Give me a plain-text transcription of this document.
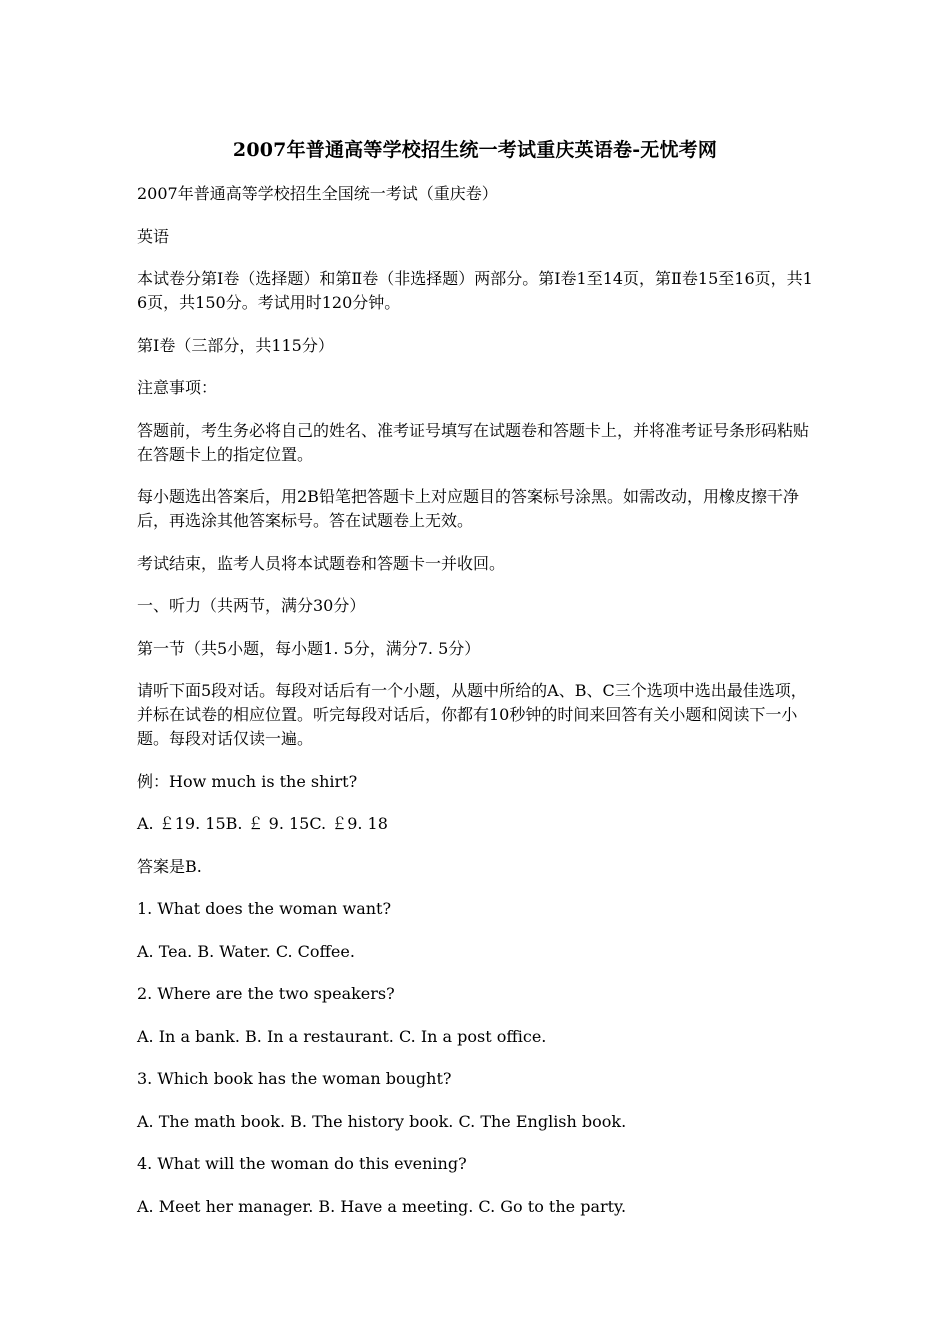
2007年普通高等学校招生统一考试重庆英语卷-无忧考网

2007年普通高等学校招生全国统一考试（重庆卷）

英语

本试卷分第Ⅰ卷（选择题）和第Ⅱ卷（非选择题）两部分。第Ⅰ卷1至14页，第Ⅱ卷15至16页，共16页，共150分。考试用时120分钟。

第Ⅰ卷（三部分，共115分）

注意事项：

答题前，考生务必将自己的姓名、准考证号填写在试题卷和答题卡上，并将准考证号条形码粘贴在答题卡上的指定位置。

每小题选出答案后，用2B铅笔把答题卡上对应题目的答案标号涂黑。如需改动，用橡皮擦干净后，再选涂其他答案标号。答在试题卷上无效。

考试结束，监考人员将本试题卷和答题卡一并收回。

一、听力（共两节，满分30分）

第一节（共5小题，每小题1. 5分，满分7. 5分）

请听下面5段对话。每段对话后有一个小题，从题中所给的A、B、C三个选项中选出最佳选项，并标在试卷的相应位置。听完每段对话后，你都有10秒钟的时间来回答有关小题和阅读下一小题。每段对话仅读一遍。

例：How much is the shirt?

A. ￡19. 15B. ￡ 9. 15C. ￡9. 18

答案是B.

1. What does the woman want?

A. Tea. B. Water. C. Coffee.

2. Where are the two speakers?

A. In a bank. B. In a restaurant. C. In a post office.

3. Which book has the woman bought?

A. The math book. B. The history book. C. The English book.

4. What will the woman do this evening?

A. Meet her manager. B. Have a meeting. C. Go to the party.
